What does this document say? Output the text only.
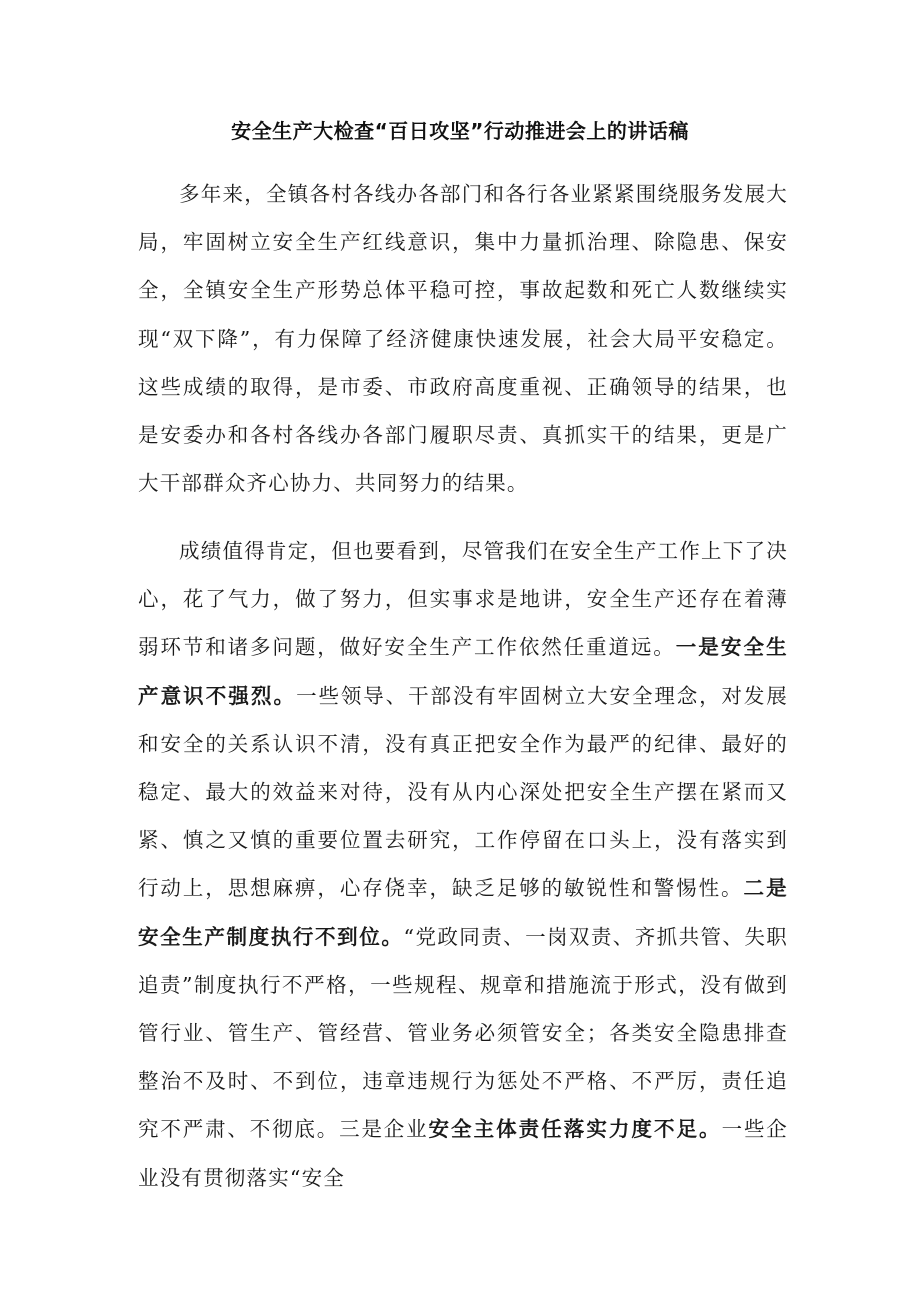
安全生产大检查“百日攻坚”行动推进会上的讲话稿

多年来，全镇各村各线办各部门和各行各业紧紧围绕服务发展大局，牢固树立安全生产红线意识，集中力量抓治理、除隐患、保安全，全镇安全生产形势总体平稳可控，事故起数和死亡人数继续实现“双下降”，有力保障了经济健康快速发展，社会大局平安稳定。这些成绩的取得，是市委、市政府高度重视、正确领导的结果，也是安委办和各村各线办各部门履职尽责、真抓实干的结果，更是广大干部群众齐心协力、共同努力的结果。

成绩值得肯定，但也要看到，尽管我们在安全生产工作上下了决心，花了气力，做了努力，但实事求是地讲，安全生产还存在着薄弱环节和诸多问题，做好安全生产工作依然任重道远。一是安全生产意识不强烈。一些领导、干部没有牢固树立大安全理念，对发展和安全的关系认识不清，没有真正把安全作为最严的纪律、最好的稳定、最大的效益来对待，没有从内心深处把安全生产摆在紧而又紧、慎之又慎的重要位置去研究，工作停留在口头上，没有落实到行动上，思想麻痹，心存侥幸，缺乏足够的敏锐性和警惕性。二是安全生产制度执行不到位。“党政同责、一岗双责、齐抓共管、失职追责”制度执行不严格，一些规程、规章和措施流于形式，没有做到管行业、管生产、管经营、管业务必须管安全；各类安全隐患排查整治不及时、不到位，违章违规行为惩处不严格、不严厉，责任追究不严肃、不彻底。三是企业安全主体责任落实力度不足。一些企业没有贯彻落实“安全
